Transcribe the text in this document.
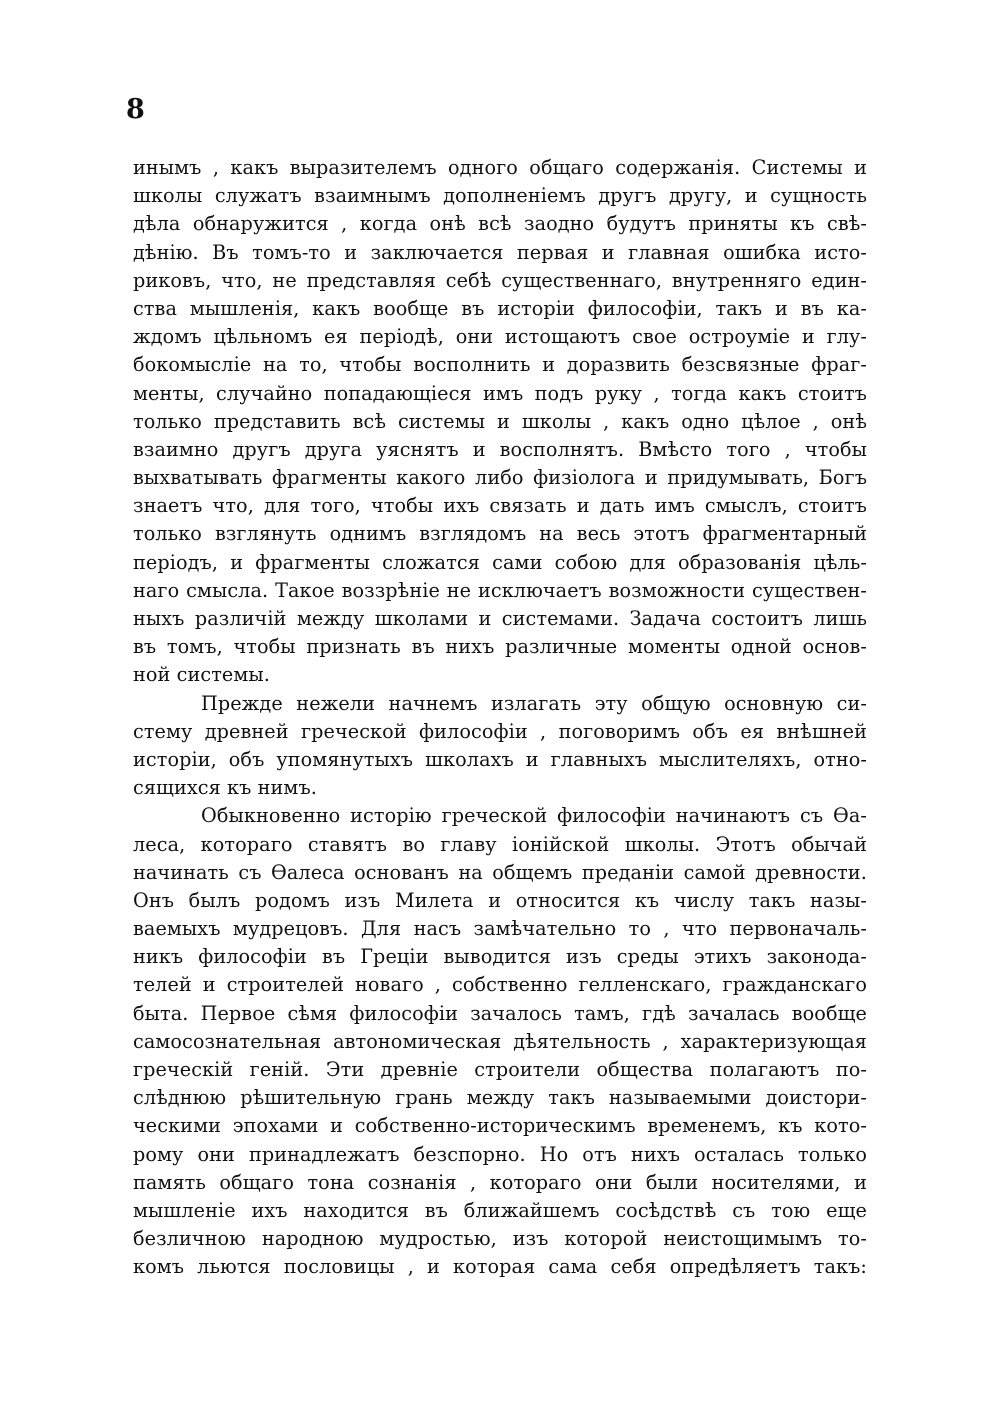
8
инымъ , какъ выразителемъ одного общаго содержанія. Системы и
школы служатъ взаимнымъ дополненіемъ другъ другу, и сущность
дѣла обнаружится , когда онѣ всѣ заодно будутъ приняты къ свѣ-
дѣнію. Въ томъ-то и заключается первая и главная ошибка исто-
риковъ, что, не представляя себѣ существеннаго, внутренняго един-
ства мышленія, какъ вообще въ исторіи философіи, такъ и въ ка-
ждомъ цѣльномъ ея періодѣ, они истощаютъ свое остроуміе и глу-
бокомысліе на то, чтобы восполнить и доразвить безсвязные фраг-
менты, случайно попадающіеся имъ подъ руку , тогда какъ стоитъ
только представить всѣ системы и школы , какъ одно цѣлое , онѣ
взаимно другъ друга уяснятъ и восполнятъ. Вмѣсто того , чтобы
выхватывать фрагменты какого либо физіолога и придумывать, Богъ
знаетъ что, для того, чтобы ихъ связать и дать имъ смыслъ, стоитъ
только взглянуть однимъ взглядомъ на весь этотъ фрагментарный
періодъ, и фрагменты сложатся сами собою для образованія цѣль-
наго смысла. Такое воззрѣніе не исключаетъ возможности существен-
ныхъ различій между школами и системами. Задача состоитъ лишь
въ томъ, чтобы признать въ нихъ различные моменты одной основ-
ной системы.
Прежде нежели начнемъ излагать эту общую основную си-
стему древней греческой философіи , поговоримъ объ ея внѣшней
исторіи, объ упомянутыхъ школахъ и главныхъ мыслителяхъ, отно-
сящихся къ нимъ.
Обыкновенно исторію греческой философіи начинаютъ съ Ѳа-
леса, котораго ставятъ во главу іонійской школы. Этотъ обычай
начинать съ Ѳалеса основанъ на общемъ преданіи самой древности.
Онъ былъ родомъ изъ Милета и относится къ числу такъ назы-
ваемыхъ мудрецовъ. Для насъ замѣчательно то , что первоначаль-
никъ философіи въ Греціи выводится изъ среды этихъ законода-
телей и строителей новаго , собственно гелленскаго, гражданскаго
быта. Первое сѣмя философіи зачалось тамъ, гдѣ зачалась вообще
самосознательная автономическая дѣятельность , характеризующая
греческій геній. Эти древніе строители общества полагаютъ по-
слѣднюю рѣшительную грань между такъ называемыми доистори-
ческими эпохами и собственно-историческимъ временемъ, къ кото-
рому они принадлежатъ безспорно. Но отъ нихъ осталась только
память общаго тона сознанія , котораго они были носителями, и
мышленіе ихъ находится въ ближайшемъ сосѣдствѣ съ тою еще
безличною народною мудростью, изъ которой неистощимымъ то-
комъ льются пословицы , и которая сама себя опредѣляетъ такъ:
